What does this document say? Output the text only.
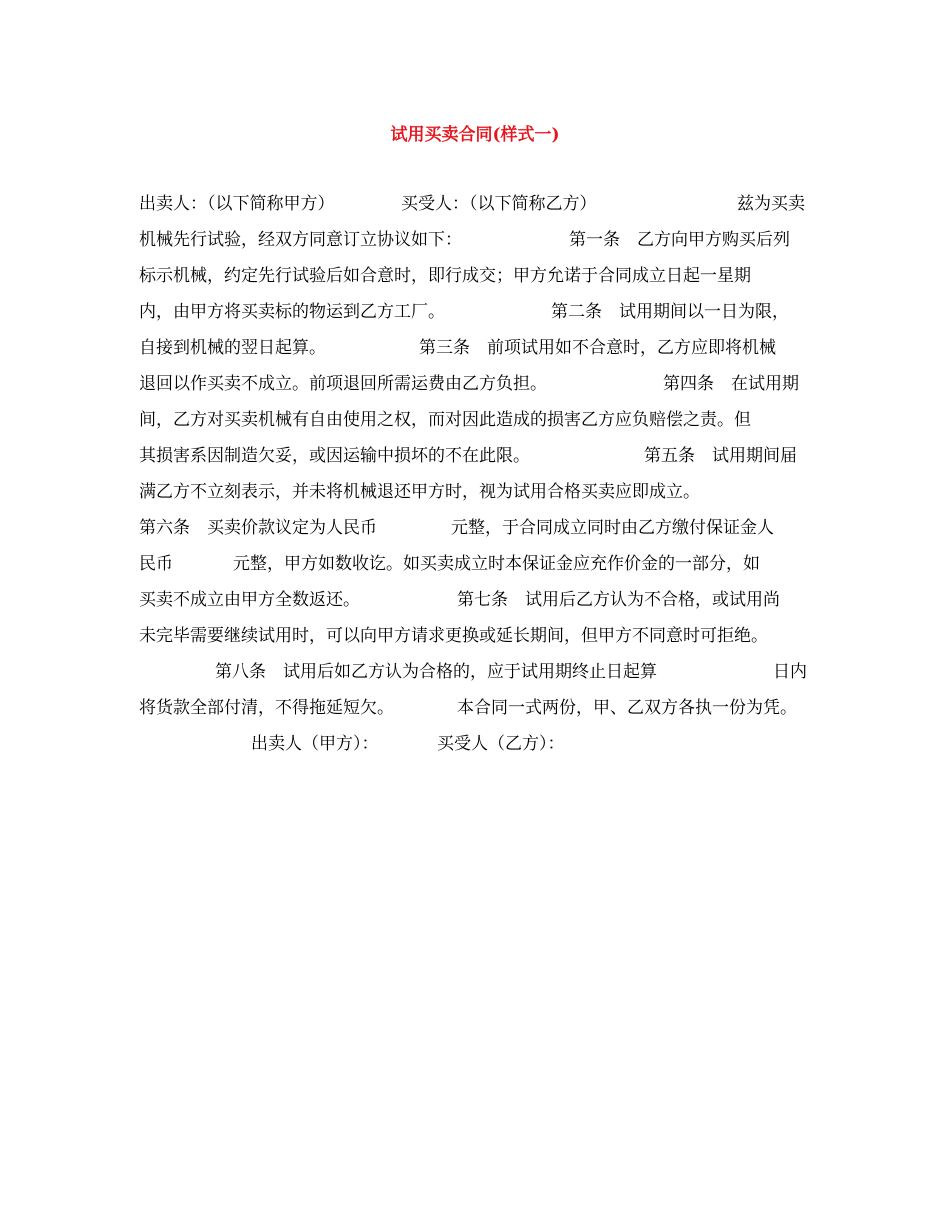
试用买卖合同(样式一)
出卖人：（以下简称甲方）	买受人：（以下简称乙方）	兹为买卖
机械先行试验，经双方同意订立协议如下：	第一条　乙方向甲方购买后列
标示机械，约定先行试验后如合意时，即行成交；甲方允诺于合同成立日起一星期
内，由甲方将买卖标的物运到乙方工厂。	第二条　试用期间以一日为限，
自接到机械的翌日起算。	第三条　前项试用如不合意时，乙方应即将机械
退回以作买卖不成立。前项退回所需运费由乙方负担。	第四条　在试用期
间，乙方对买卖机械有自由使用之权，而对因此造成的损害乙方应负赔偿之责。但
其损害系因制造欠妥，或因运输中损坏的不在此限。	第五条　试用期间届
满乙方不立刻表示，并未将机械退还甲方时，视为试用合格买卖应即成立。
第六条　买卖价款议定为人民币	元整，于合同成立同时由乙方缴付保证金人
民币	元整，甲方如数收讫。如买卖成立时本保证金应充作价金的一部分，如
买卖不成立由甲方全数返还。	第七条　试用后乙方认为不合格，或试用尚
未完毕需要继续试用时，可以向甲方请求更换或延长期间，但甲方不同意时可拒绝。
第八条　试用后如乙方认为合格的，应于试用期终止日起算	日内
将货款全部付清，不得拖延短欠。	本合同一式两份，甲、乙双方各执一份为凭。
出卖人（甲方）：	买受人（乙方）：
